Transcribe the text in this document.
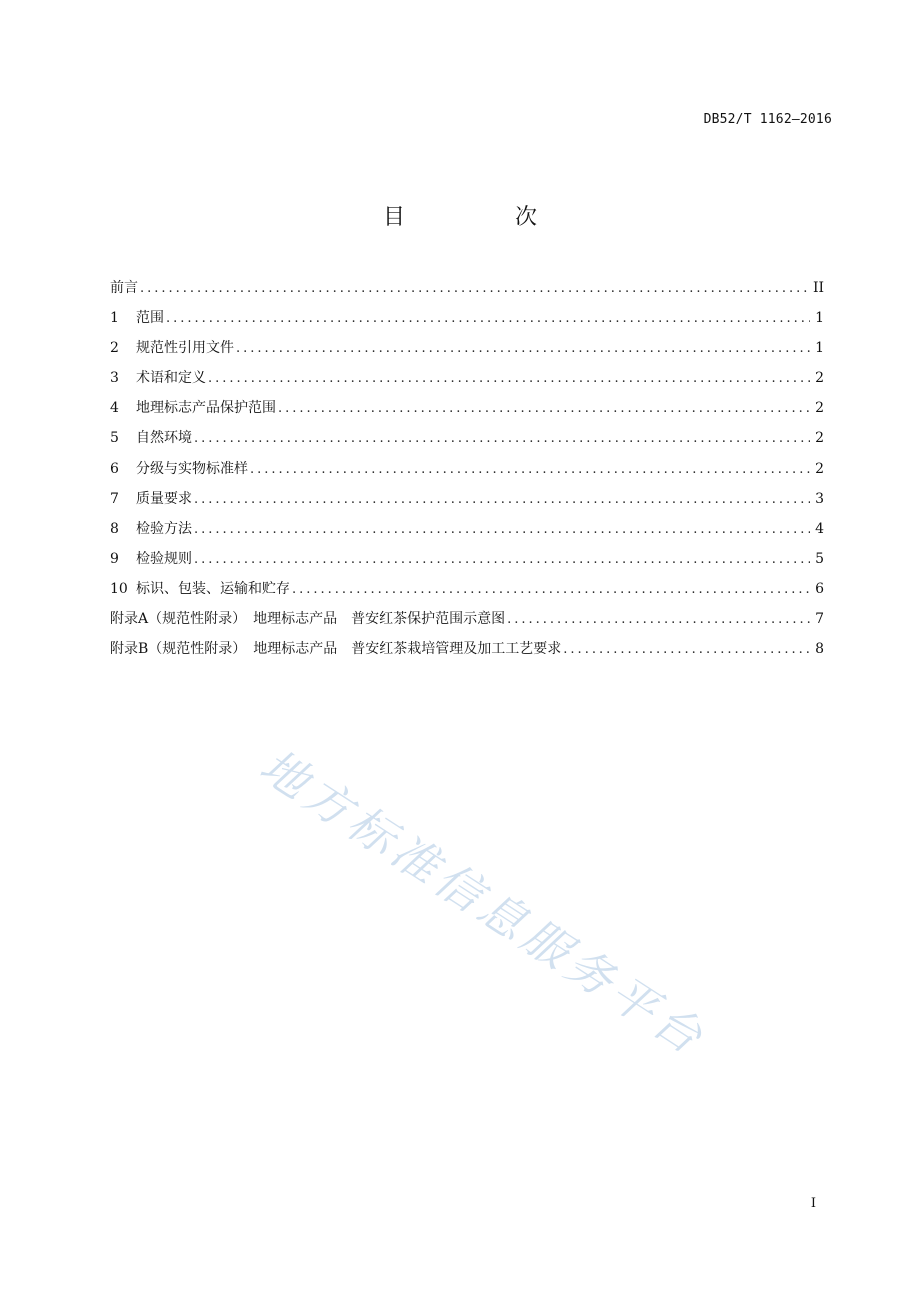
DB52/T 1162—2016
目　次
前言 .....	II
1	范围 .....	1
2	规范性引用文件 .....	1
3	术语和定义 .....	2
4	地理标志产品保护范围 .....	2
5	自然环境 .....	2
6	分级与实物标准样 .....	2
7	质量要求 .....	3
8	检验方法 .....	4
9	检验规则 .....	5
10 标识、包装、运输和贮存 .....	6
附录A（规范性附录）　地理标志产品　普安红茶保护范围示意图 .....	7
附录B（规范性附录）　地理标志产品　普安红茶栽培管理及加工工艺要求 .....	8
地方标准信息服务平台
I
